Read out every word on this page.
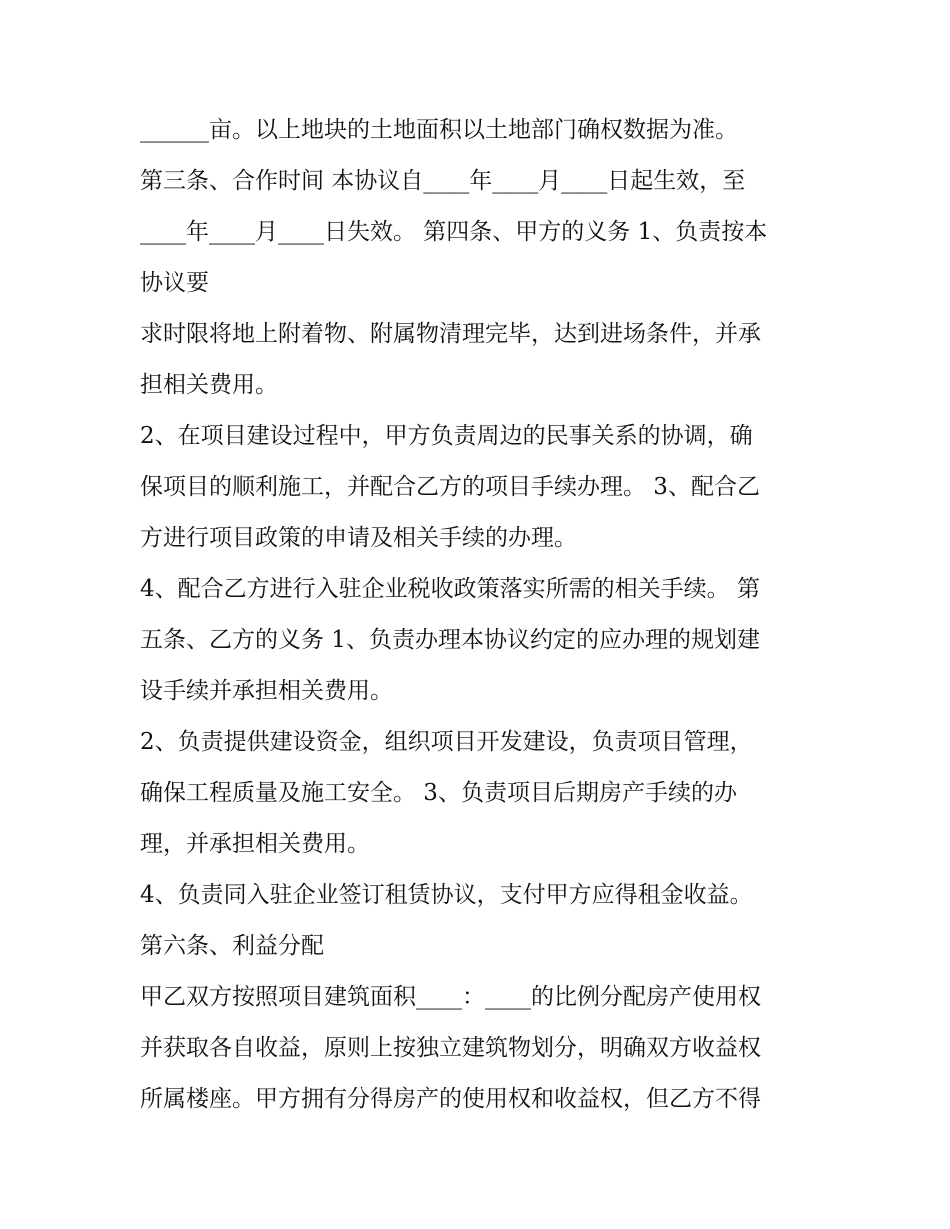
______亩。以上地块的土地面积以土地部门确权数据为准。
第三条、合作时间 本协议自____年____月____日起生效，至
____年____月____日失效。 第四条、甲方的义务 1、负责按本
协议要
求时限将地上附着物、附属物清理完毕，达到进场条件，并承
担相关费用。
2、在项目建设过程中，甲方负责周边的民事关系的协调，确
保项目的顺利施工，并配合乙方的项目手续办理。 3、配合乙
方进行项目政策的申请及相关手续的办理。
4、配合乙方进行入驻企业税收政策落实所需的相关手续。 第
五条、乙方的义务 1、负责办理本协议约定的应办理的规划建
设手续并承担相关费用。
2、负责提供建设资金，组织项目开发建设，负责项目管理，
确保工程质量及施工安全。 3、负责项目后期房产手续的办
理，并承担相关费用。
4、负责同入驻企业签订租赁协议，支付甲方应得租金收益。
第六条、利益分配
甲乙双方按照项目建筑面积____：____的比例分配房产使用权
并获取各自收益，原则上按独立建筑物划分，明确双方收益权
所属楼座。甲方拥有分得房产的使用权和收益权，但乙方不得
